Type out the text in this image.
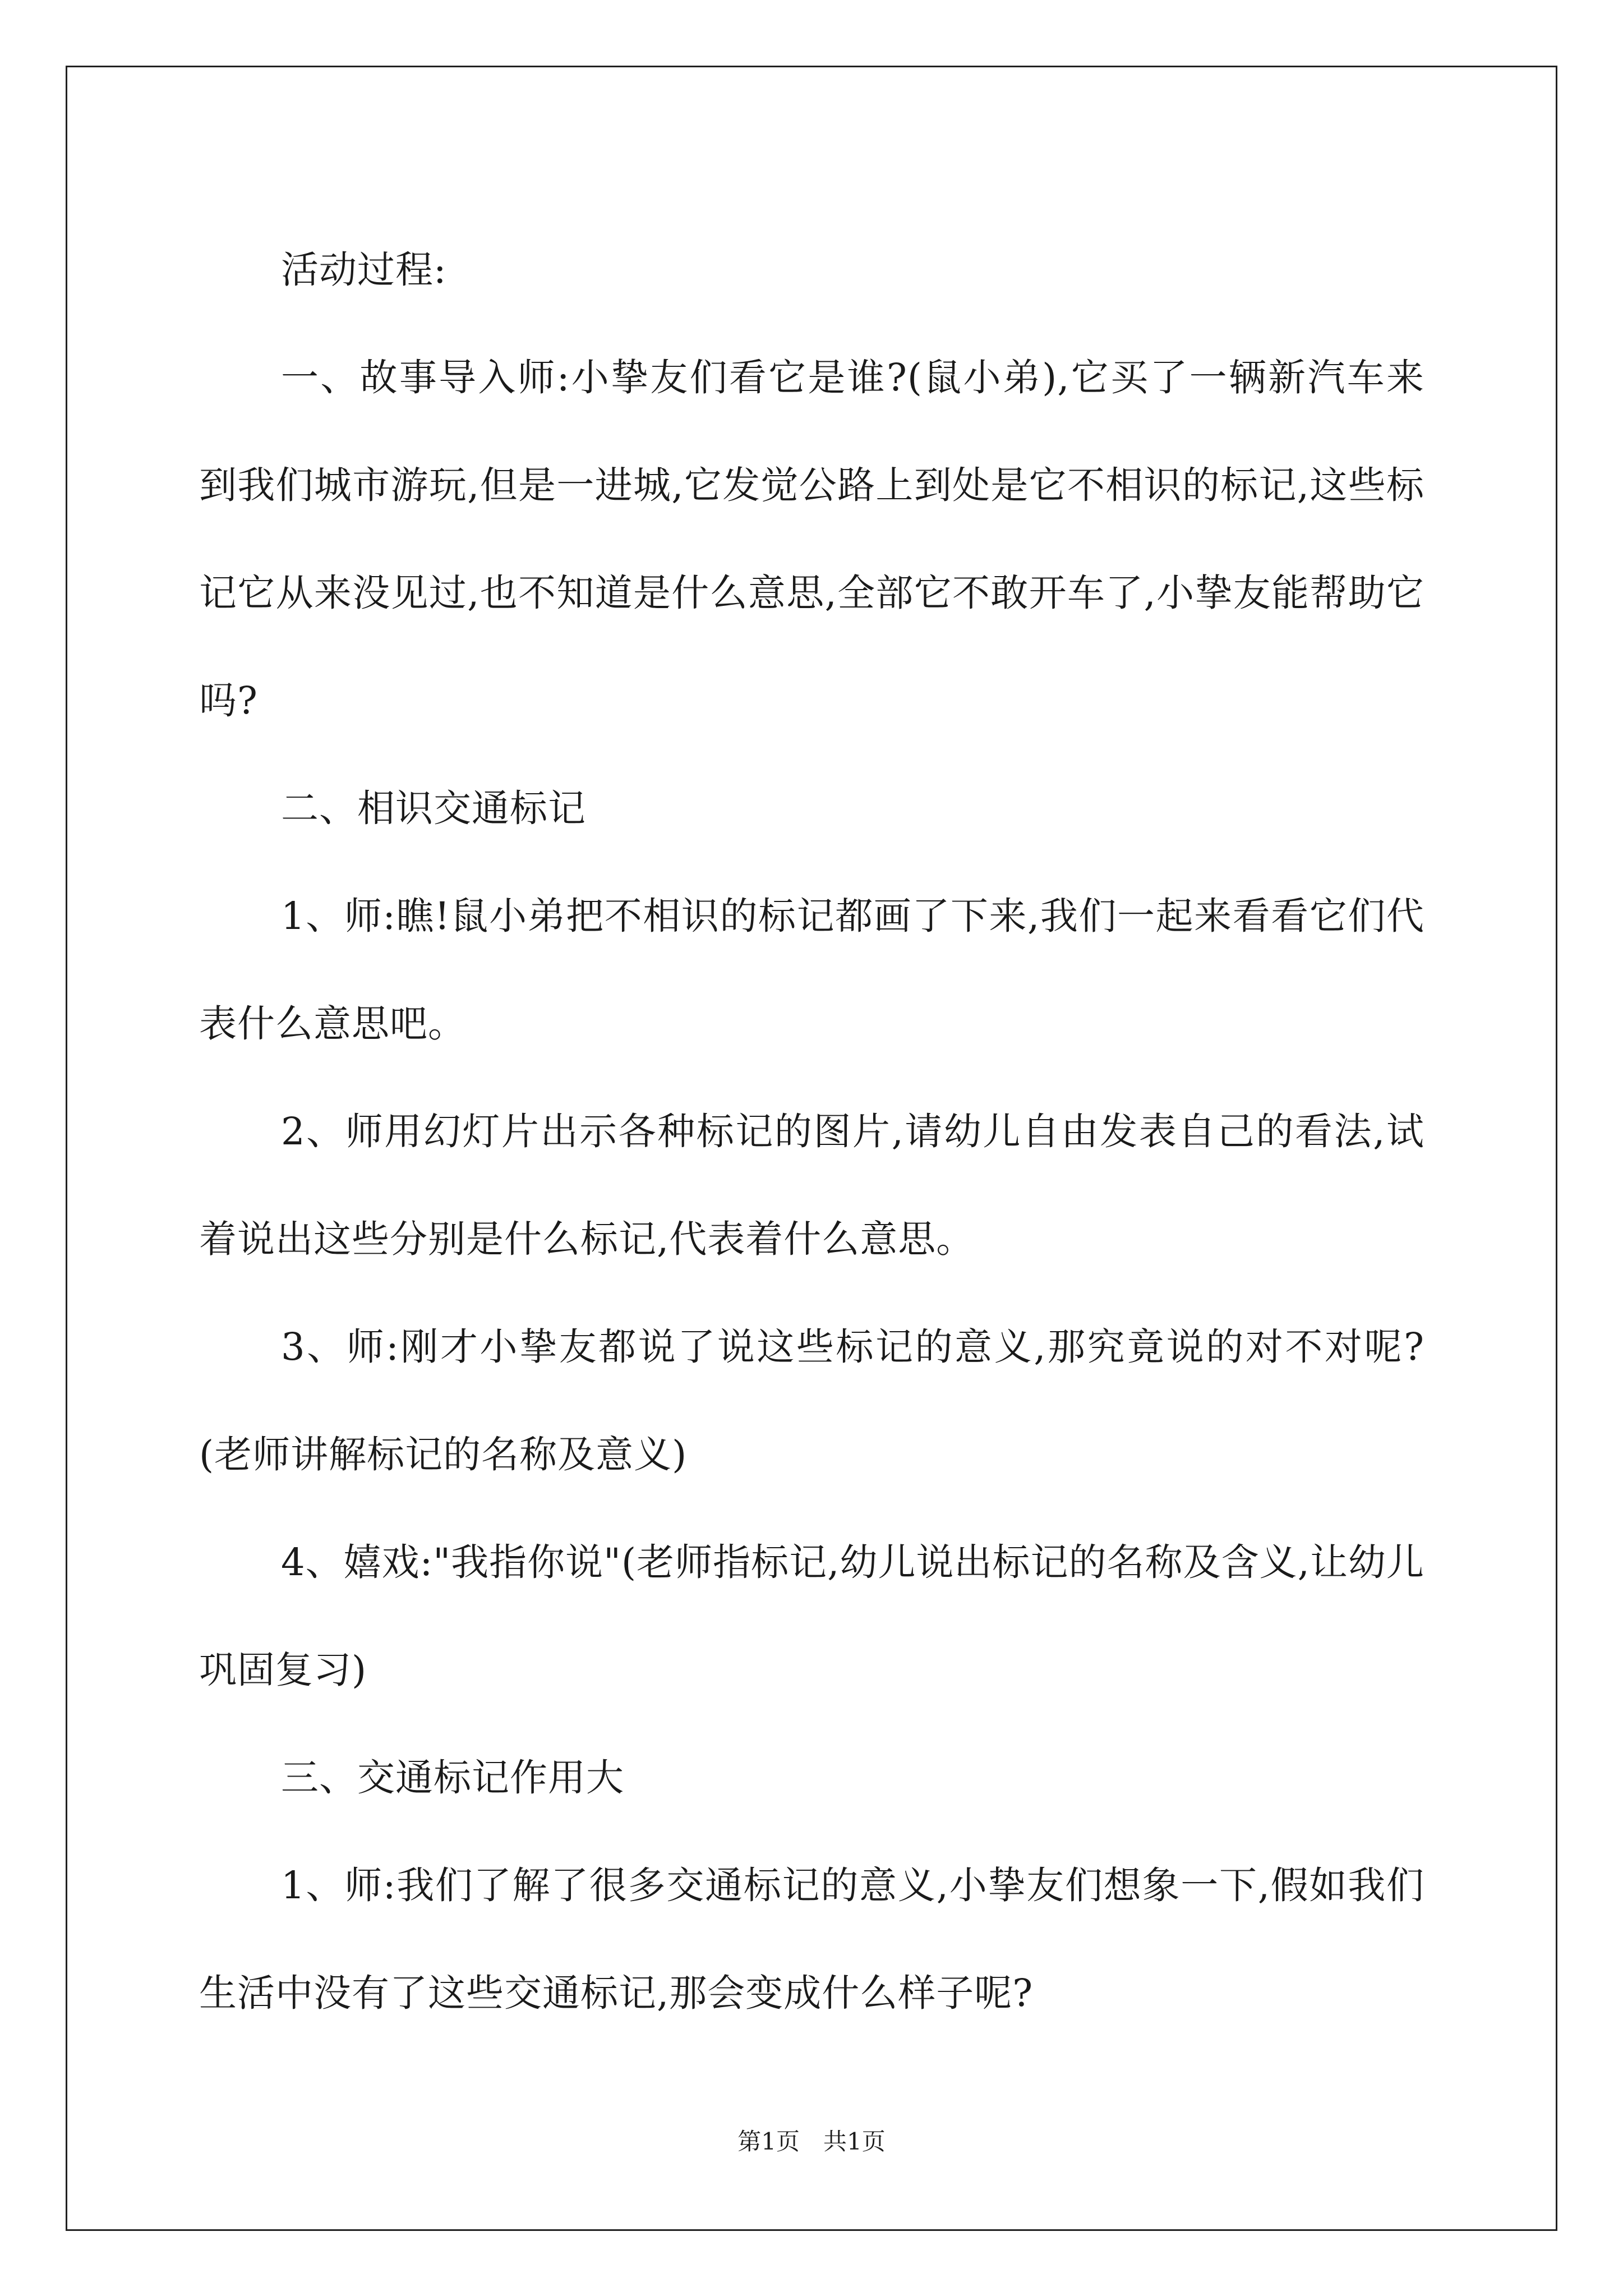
活动过程:

一、故事导入师:小挚友们看它是谁?(鼠小弟),它买了一辆新汽车来到我们城市游玩,但是一进城,它发觉公路上到处是它不相识的标记,这些标记它从来没见过,也不知道是什么意思,全部它不敢开车了,小挚友能帮助它吗?

二、相识交通标记

1、师:瞧!鼠小弟把不相识的标记都画了下来,我们一起来看看它们代表什么意思吧。

2、师用幻灯片出示各种标记的图片,请幼儿自由发表自己的看法,试着说出这些分别是什么标记,代表着什么意思。

3、师:刚才小挚友都说了说这些标记的意义,那究竟说的对不对呢?(老师讲解标记的名称及意义)

4、嬉戏:"我指你说"(老师指标记,幼儿说出标记的名称及含义,让幼儿巩固复习)

三、交通标记作用大

1、师:我们了解了很多交通标记的意义,小挚友们想象一下,假如我们生活中没有了这些交通标记,那会变成什么样子呢?

第1页　共1页
